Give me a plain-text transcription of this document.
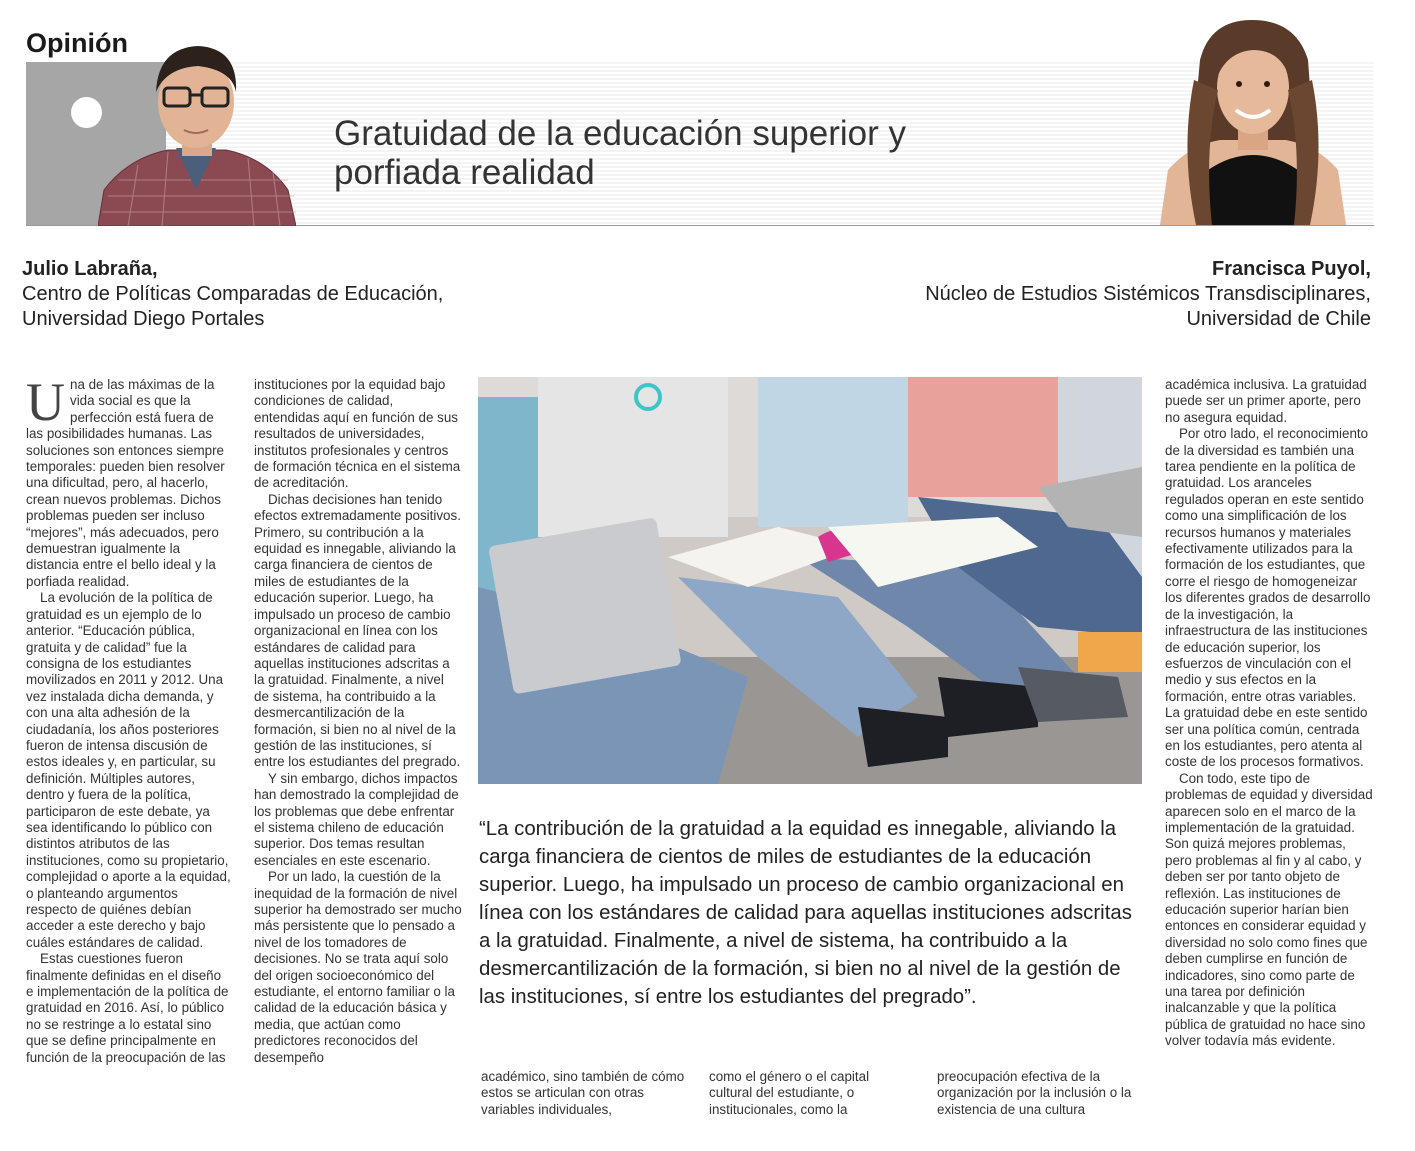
Opinión
Gratuidad de la educación superior y porfiada realidad
Julio Labraña,
Centro de Políticas Comparadas de Educación,
Universidad Diego Portales
Francisca Puyol,
Núcleo de Estudios Sistémicos Transdisciplinares,
Universidad de Chile

Una de las máximas de la vida social es que la perfección está fuera de las posibilidades humanas. Las soluciones son entonces siempre temporales: pueden bien resolver una dificultad, pero, al hacerlo, crean nuevos problemas. Dichos problemas pueden ser incluso “mejores”, más adecuados, pero demuestran igualmente la distancia entre el bello ideal y la porfiada realidad.

La evolución de la política de gratuidad es un ejemplo de lo anterior. “Educación pública, gratuita y de calidad” fue la consigna de los estudiantes movilizados en 2011 y 2012. Una vez instalada dicha demanda, y con una alta adhesión de la ciudadanía, los años posteriores fueron de intensa discusión de estos ideales y, en particular, su definición. Múltiples autores, dentro y fuera de la política, participaron de este debate, ya sea identificando lo público con distintos atributos de las instituciones, como su propietario, complejidad o aporte a la equidad, o planteando argumentos respecto de quiénes debían acceder a este derecho y bajo cuáles estándares de calidad.

Estas cuestiones fueron finalmente definidas en el diseño e implementación de la política de gratuidad en 2016. Así, lo público no se restringe a lo estatal sino que se define principalmente en función de la preocupación de las

instituciones por la equidad bajo condiciones de calidad, entendidas aquí en función de sus resultados de universidades, institutos profesionales y centros de formación técnica en el sistema de acreditación.

Dichas decisiones han tenido efectos extremadamente positivos. Primero, su contribución a la equidad es innegable, aliviando la carga financiera de cientos de miles de estudiantes de la educación superior. Luego, ha impulsado un proceso de cambio organizacional en línea con los estándares de calidad para aquellas instituciones adscritas a la gratuidad. Finalmente, a nivel de sistema, ha contribuido a la desmercantilización de la formación, si bien no al nivel de la gestión de las instituciones, sí entre los estudiantes del pregrado.

Y sin embargo, dichos impactos han demostrado la complejidad de los problemas que debe enfrentar el sistema chileno de educación superior. Dos temas resultan esenciales en este escenario.

Por un lado, la cuestión de la inequidad de la formación de nivel superior ha demostrado ser mucho más persistente que lo pensado a nivel de los tomadores de decisiones. No se trata aquí solo del origen socioeconómico del estudiante, el entorno familiar o la calidad de la educación básica y media, que actúan como predictores reconocidos del desempeño

“La contribución de la gratuidad a la equidad es innegable, aliviando la carga financiera de cientos de miles de estudiantes de la educación superior. Luego, ha impulsado un proceso de cambio organizacional en línea con los estándares de calidad para aquellas instituciones adscritas a la gratuidad. Finalmente, a nivel de sistema, ha contribuido a la desmercantilización de la formación, si bien no al nivel de la gestión de las instituciones, sí entre los estudiantes del pregrado”.
académico, sino también de cómo estos se articulan con otras variables individuales,
como el género o el capital cultural del estudiante, o institucionales, como la
preocupación efectiva de la organización por la inclusión o la existencia de una cultura

académica inclusiva. La gratuidad puede ser un primer aporte, pero no asegura equidad.

Por otro lado, el reconocimiento de la diversidad es también una tarea pendiente en la política de gratuidad. Los aranceles regulados operan en este sentido como una simplificación de los recursos humanos y materiales efectivamente utilizados para la formación de los estudiantes, que corre el riesgo de homogeneizar los diferentes grados de desarrollo de la investigación, la infraestructura de las instituciones de educación superior, los esfuerzos de vinculación con el medio y sus efectos en la formación, entre otras variables. La gratuidad debe en este sentido ser una política común, centrada en los estudiantes, pero atenta al coste de los procesos formativos.

Con todo, este tipo de problemas de equidad y diversidad aparecen solo en el marco de la implementación de la gratuidad. Son quizá mejores problemas, pero problemas al fin y al cabo, y deben ser por tanto objeto de reflexión. Las instituciones de educación superior harían bien entonces en considerar equidad y diversidad no solo como fines que deben cumplirse en función de indicadores, sino como parte de una tarea por definición inalcanzable y que la política pública de gratuidad no hace sino volver todavía más evidente.
